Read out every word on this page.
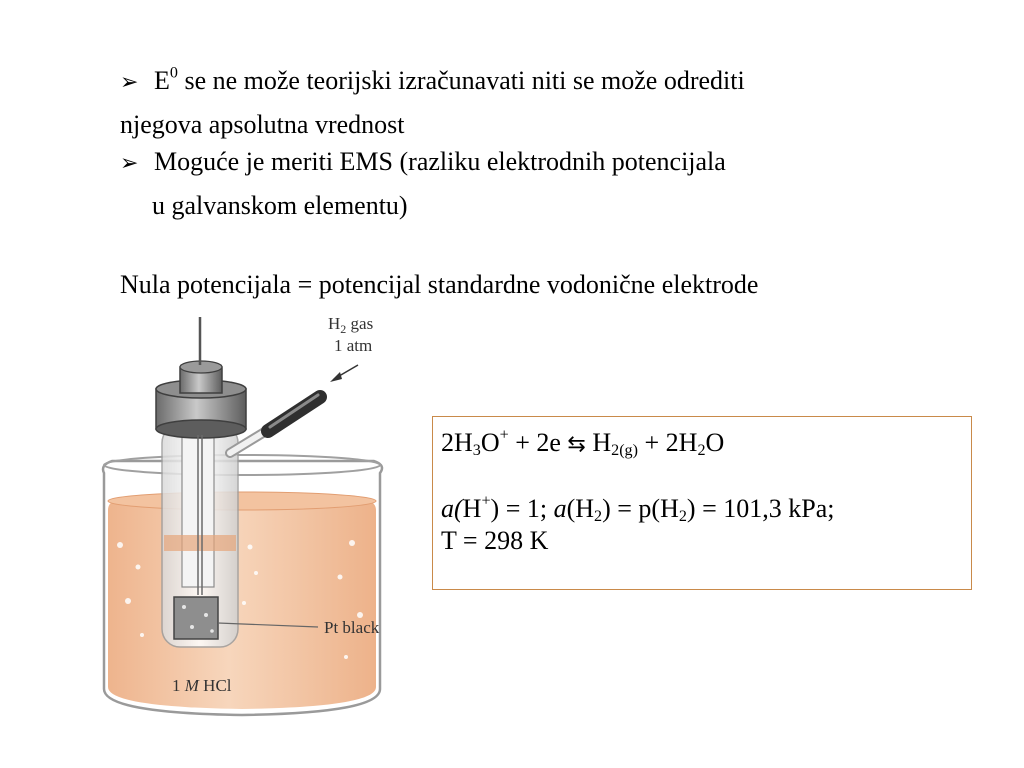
➢ $E^0$ se ne može teorijski izračunavati niti se može odrediti
njegova apsolutna vrednost
➢ Moguće je meriti EMS (razliku elektrodnih potencijala
u galvanskom elementu)
Nula potencijala = potencijal standardne vodonične elektrode
$H_2$ gas
1 atm
Pt black
1 M HCl
$2H_3O^+ + 2e$ ⇆ $H_{2(g)} + 2H_2O$
a(H+) = 1; $a(H_2) = p(H_2) = 101,3$ kPa;
T = 298 K
